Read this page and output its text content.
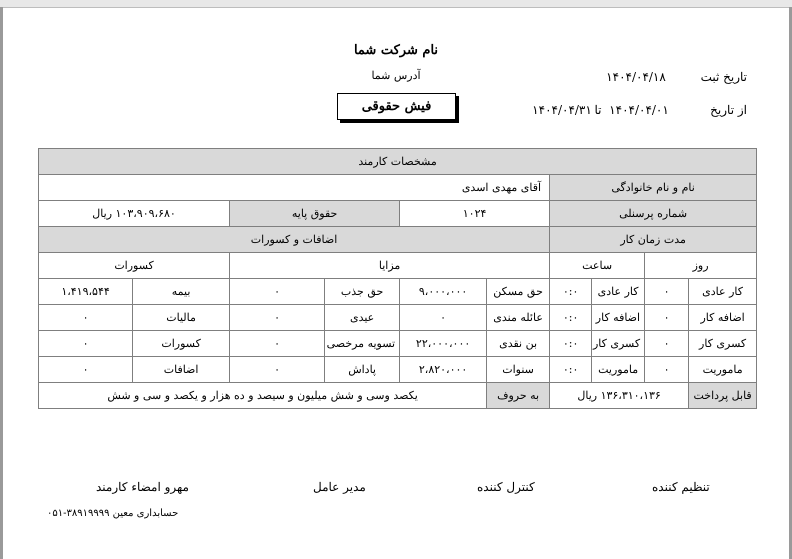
نام شرکت شما
آدرس شما
فیش حقوقی
تاریخ ثبت
۱۴۰۴/۰۴/۱۸
از تاریخ
۱۴۰۴/۰۴/۰۱
تا
۱۴۰۴/۰۴/۳۱
مشخصات کارمند									
نام و نام خانوادگی				آقای مهدی اسدی					
شماره پرسنلی				۱۰۲۴		حقوق پایه		۱۰۳،۹۰۹،۶۸۰ ریال	
مدت زمان کار				اضافات و کسورات					
روز		ساعت		مزایا				کسورات	
کار عادی	۰	کار عادی	۰:۰	حق مسکن	۹،۰۰۰،۰۰۰	حق جذب	۰	بیمه	۱،۴۱۹،۵۴۴
اضافه کار	۰	اضافه کار	۰:۰	عائله مندی	۰	عیدی	۰	مالیات	۰
کسری کار	۰	کسری کار	۰:۰	بن نقدی	۲۲،۰۰۰،۰۰۰	تسویه مرخصی	۰	کسورات	۰
ماموریت	۰	ماموریت	۰:۰	سنوات	۲،۸۲۰،۰۰۰	پاداش	۰	اضافات	۰
قابل پرداخت	۱۳۶،۳۱۰،۱۳۶ ریال			به حروف	یکصد وسی و شش میلیون و سیصد و ده هزار و یکصد و سی و شش				
تنظیم کننده
کنترل کننده
مدیر عامل
مهرو امضاء کارمند
حسابداری معین ۳۸۹۱۹۹۹۹-۰۵۱
